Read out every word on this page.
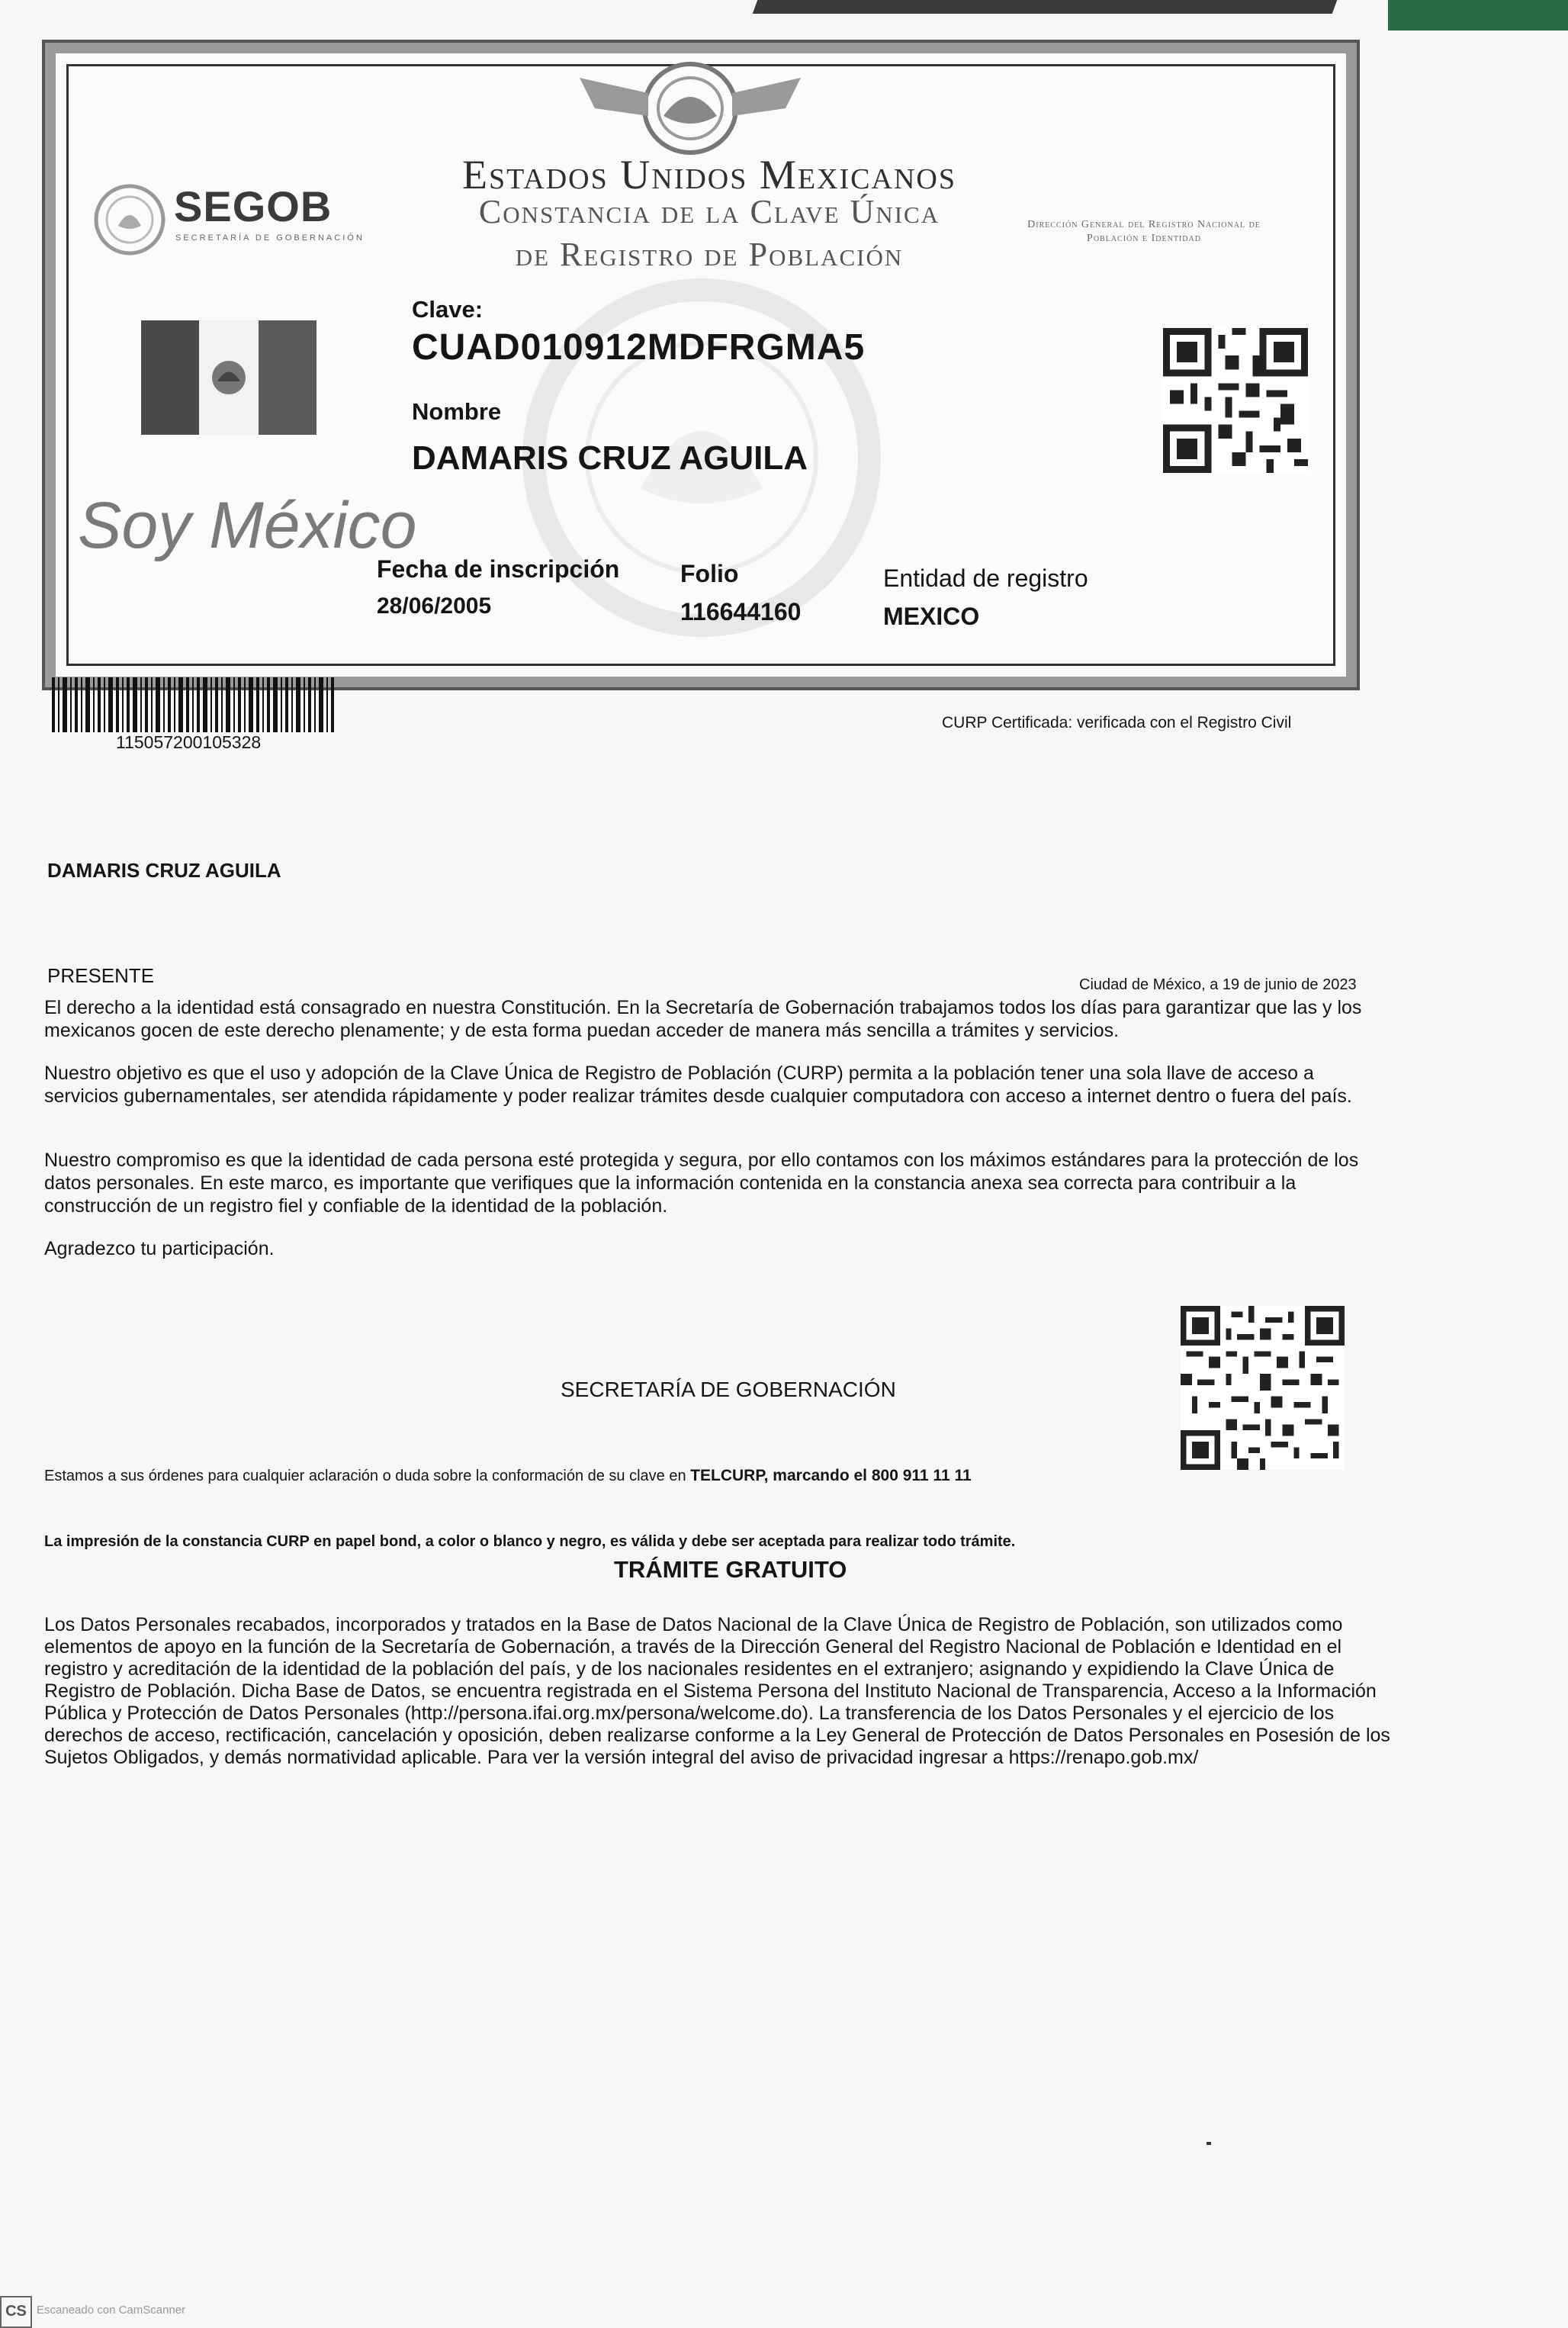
Estados Unidos Mexicanos
Constancia de la Clave Única
de Registro de Población
SEGOB
SECRETARÍA DE GOBERNACIÓN
Dirección General del Registro Nacional de Población e Identidad
Clave:
CUAD010912MDFRGMA5
Nombre
DAMARIS CRUZ AGUILA
Soy México
Fecha de inscripción
28/06/2005
Folio
116644160
Entidad de registro
MEXICO
115057200105328
CURP Certificada: verificada con el Registro Civil
DAMARIS CRUZ AGUILA
PRESENTE	Ciudad de México, a 19 de junio de 2023
El derecho a la identidad está consagrado en nuestra Constitución. En la Secretaría de Gobernación trabajamos todos los días para garantizar que las y los mexicanos gocen de este derecho plenamente; y de esta forma puedan acceder de manera más sencilla a trámites y servicios.
Nuestro objetivo es que el uso y adopción de la Clave Única de Registro de Población (CURP) permita a la población tener una sola llave de acceso a servicios gubernamentales, ser atendida rápidamente y poder realizar trámites desde cualquier computadora con acceso a internet dentro o fuera del país.
Nuestro compromiso es que la identidad de cada persona esté protegida y segura, por ello contamos con los máximos estándares para la protección de los datos personales. En este marco, es importante que verifiques que la información contenida en la constancia anexa sea correcta para contribuir a la construcción de un registro fiel y confiable de la identidad de la población.
Agradezco tu participación.
SECRETARÍA DE GOBERNACIÓN
Estamos a sus órdenes para cualquier aclaración o duda sobre la conformación de su clave en TELCURP, marcando el 800 911 11 11
La impresión de la constancia CURP en papel bond, a color o blanco y negro, es válida y debe ser aceptada para realizar todo trámite.
TRÁMITE GRATUITO
Los Datos Personales recabados, incorporados y tratados en la Base de Datos Nacional de la Clave Única de Registro de Población, son utilizados como elementos de apoyo en la función de la Secretaría de Gobernación, a través de la Dirección General del Registro Nacional de Población e Identidad en el registro y acreditación de la identidad de la población del país, y de los nacionales residentes en el extranjero; asignando y expidiendo la Clave Única de Registro de Población. Dicha Base de Datos, se encuentra registrada en el Sistema Persona del Instituto Nacional de Transparencia, Acceso a la Información Pública y Protección de Datos Personales (http://persona.ifai.org.mx/persona/welcome.do). La transferencia de los Datos Personales y el ejercicio de los derechos de acceso, rectificación, cancelación y oposición, deben realizarse conforme a la Ley General de Protección de Datos Personales en Posesión de los Sujetos Obligados, y demás normatividad aplicable. Para ver la versión integral del aviso de privacidad ingresar a https://renapo.gob.mx/
CS Escaneado con CamScanner
